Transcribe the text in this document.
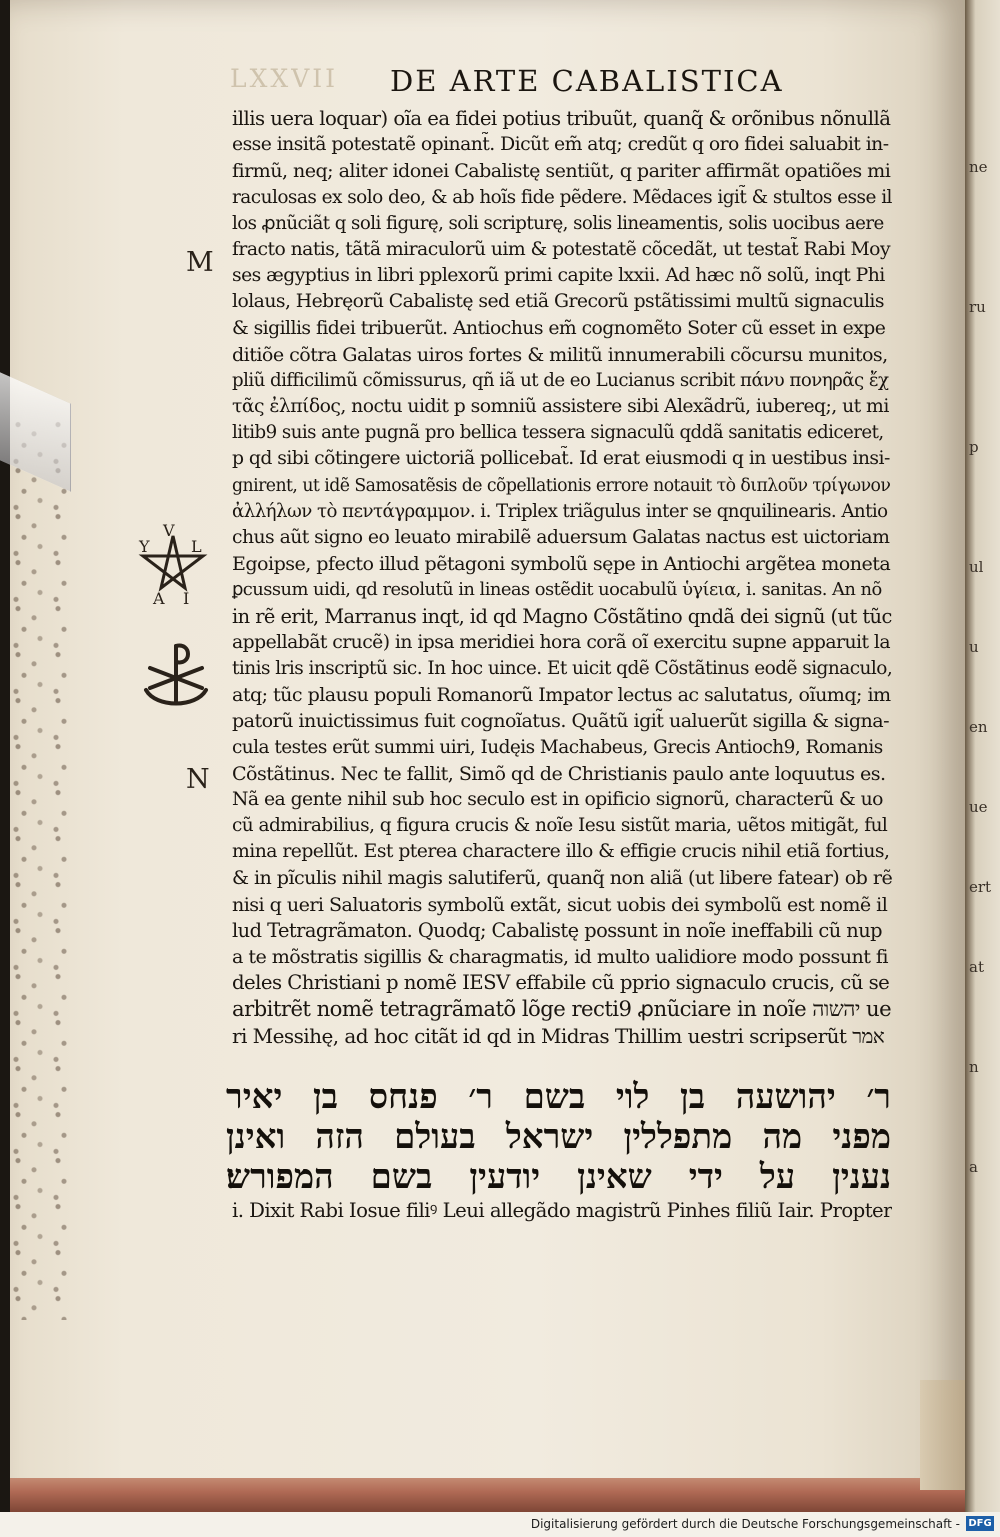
ne
ru
p
ul
u
en
ue
ert
at
n
a
LXXVII DE ARTE CABALISTICA
M
N
V
L
Y
A I
illis uera loquar) oĩa ea fidei potius tribuũt, quanq̃ & orõnibus nõnullã
esse insitã potestatẽ opinant̃. Dicũt em̃ atq; credũt q oro fidei saluabit in-
firmũ, neq; aliter idonei Cabalistę sentiũt, q pariter affirmãt opatiões mi
raculosas ex solo deo, & ab hoĩs fide pẽdere. Mẽdaces igit̃ & stultos esse il
los ꝓnũciãt q soli figurę, soli scripturę, solis lineamentis, solis uocibus aere
fracto natis, tãtã miraculorũ uim & potestatẽ cõcedãt, ut testat̃ Rabi Moy
ses ægyptius in libri pplexorũ primi capite lxxii. Ad hæc nõ solũ, inqt Phi
lolaus, Hebręorũ Cabalistę sed etiã Grecorũ pstãtissimi multũ signaculis
& sigillis fidei tribuerũt. Antiochus em̃ cognomẽto Soter cũ esset in expe
ditiõe cõtra Galatas uiros fortes & militũ innumerabili cõcursu munitos,
pliũ difficilimũ cõmissurus, qñ iã ut de eo Lucianus scribit πάνυ πονηρᾶς ἔχ
τᾶς ἐλπίδος, noctu uidit p somniũ assistere sibi Alexãdrũ, iubereq;, ut mi
litib9 suis ante pugnã pro bellica tessera signaculũ qddã sanitatis ediceret,
p qd sibi cõtingere uictoriã pollicebat̃. Id erat eiusmodi q in uestibus insi-
gnirent, ut idẽ Samosatẽsis de cõpellationis errore notauit τὸ διπλοῦν τρίγωνον
ἀλλήλων τὸ πεντάγραμμον. i. Triplex triãgulus inter se qnquilinearis. Antio
chus aũt signo eo leuato mirabilẽ aduersum Galatas nactus est uictoriam
Egoipse, pfecto illud pẽtagoni symbolũ sępe in Antiochi argẽtea moneta
ꝑcussum uidi, qd resolutũ in lineas ostẽdit uocabulũ ὑγίεια, i. sanitas. An nõ
in rẽ erit, Marranus inqt, id qd Magno Cõstãtino qndã dei signũ (ut tũc
appellabãt crucẽ) in ipsa meridiei hora corã oĩ exercitu supne apparuit la
tinis lris inscriptũ sic. In hoc uince. Et uicit qdẽ Cõstãtinus eodẽ signaculo,
atq; tũc plausu populi Romanorũ Impator lectus ac salutatus, oĩumq; im
patorũ inuictissimus fuit cognoĩatus. Quãtũ igit̃ ualuerũt sigilla & signa-
cula testes erũt summi uiri, Iudęis Machabeus, Grecis Antioch9, Romanis
Cõstãtinus. Nec te fallit, Simõ qd de Christianis paulo ante loquutus es.
Nã ea gente nihil sub hoc seculo est in opificio signorũ, characterũ & uo
cũ admirabilius, q figura crucis & noĩe Iesu sistũt maria, uẽtos mitigãt, ful
mina repellũt. Est pterea charactere illo & effigie crucis nihil etiã fortius,
& in pĩculis nihil magis salutiferũ, quanq̃ non aliã (ut libere fatear) ob rẽ
nisi q ueri Saluatoris symbolũ extãt, sicut uobis dei symbolũ est nomẽ il
lud Tetragrãmaton. Quodq; Cabalistę possunt in noĩe ineffabili cũ nup
a te mõstratis sigillis & charagmatis, id multo ualidiore modo possunt fi
deles Christiani p nomẽ IESV effabile cũ pprio signaculo crucis, cũ se
arbitrẽt nomẽ tetragrãmatõ lõge recti9 ꝓnũciare in noĩe יהשוה ue
ri Messihę, ad hoc citãt id qd in Midras Thillim uestri scripserũt אמר
ר׳ יהושעה בן לוי בשם ר׳ פנחס בן יאיר
מפני מה מתפללין ישראל בעולם הזה ואינן
נענין על ידי שאינן יודעין בשם המפורש׃
i. Dixit Rabi Iosue filiꝰ Leui allegãdo magistrũ Pinhes filiũ Iair. Propter
Digitalisierung gefördert durch die Deutsche Forschungsgemeinschaft - DFG
